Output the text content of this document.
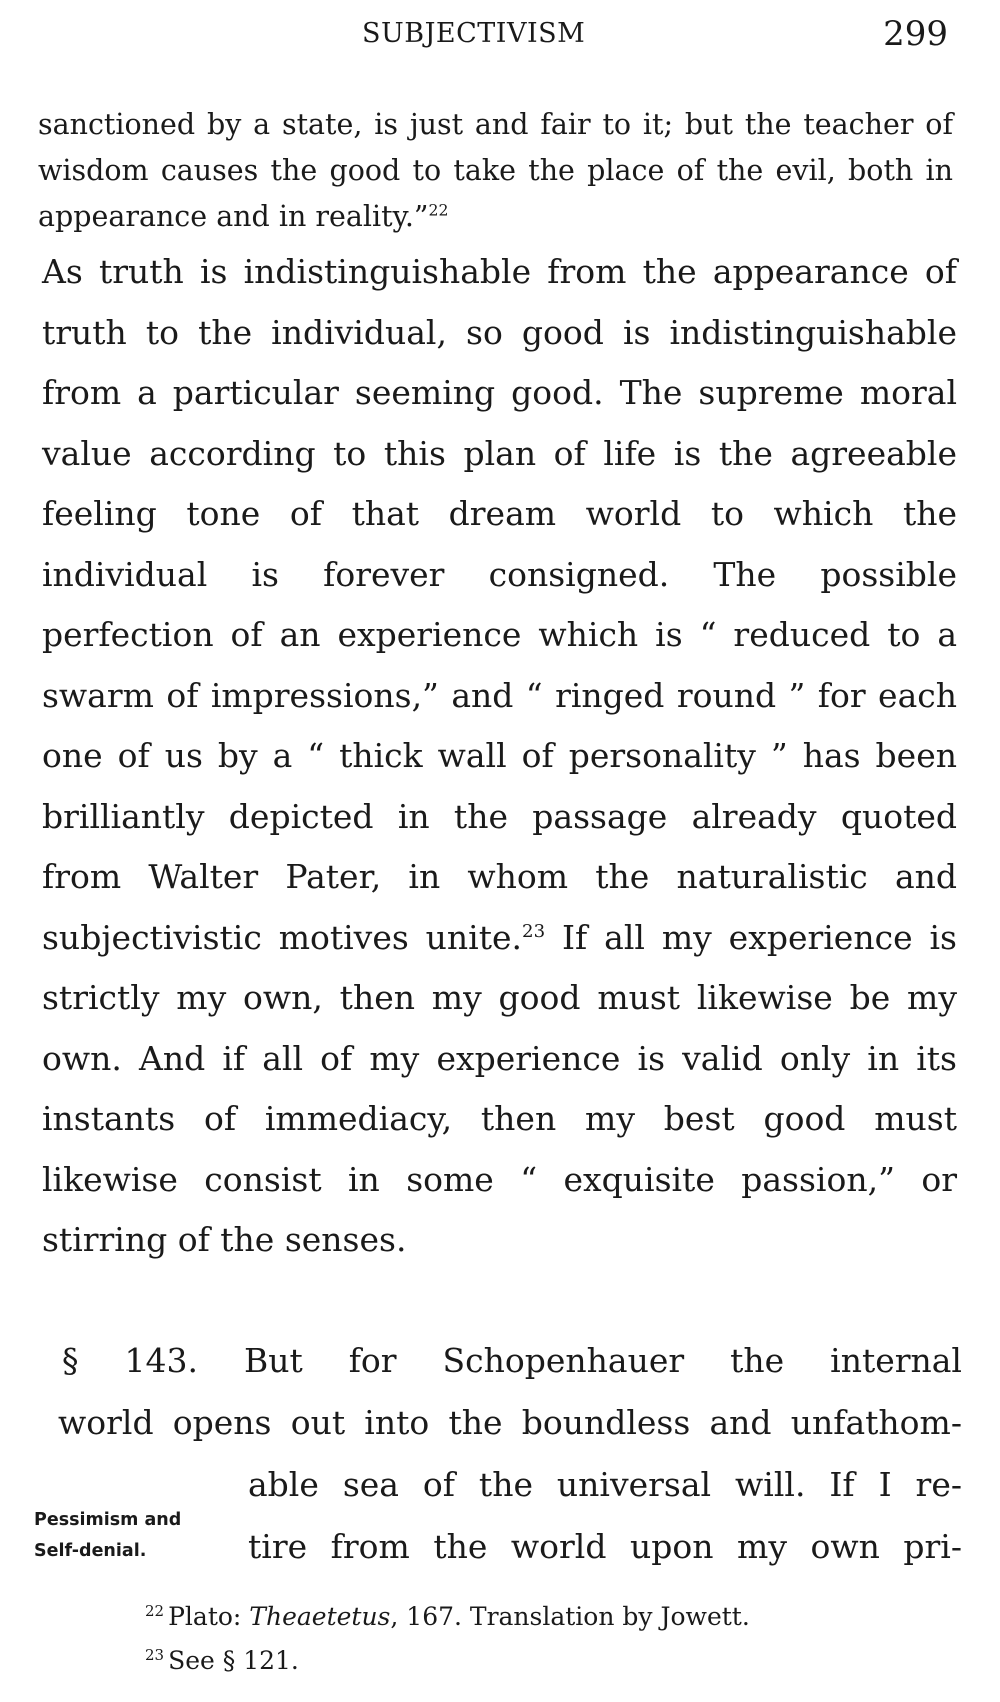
SUBJECTIVISM	299

sanctioned by a state, is just and fair to it; but the teacher of wisdom causes the good to take the place of the evil, both in appearance and in reality.”$^{22}$

As truth is indistinguishable from the appearance of truth to the individual, so good is indistinguishable from a particular seeming good. The supreme moral value according to this plan of life is the agreeable feeling tone of that dream world to which the individual is forever consigned. The possible perfection of an experience which is “ reduced to a swarm of impressions,” and “ ringed round ” for each one of us by a “ thick wall of personality ” has been brilliantly depicted in the passage already quoted from Walter Pater, in whom the naturalistic and subjectivistic motives unite.$^{23}$ If all my experience is strictly my own, then my good must likewise be my own. And if all of my experience is valid only in its instants of immediacy, then my best good must likewise consist in some “ exquisite passion,” or stirring of the senses.

§ 143. But for Schopenhauer the internal
world opens out into the boundless and unfathom-
able sea of the universal will. If I re-
tire from the world upon my own pri-
Pessimism and
Self-denial.
$^{22}$ Plato: Theaetetus, 167. Translation by Jowett.
$^{23}$ See § 121.
